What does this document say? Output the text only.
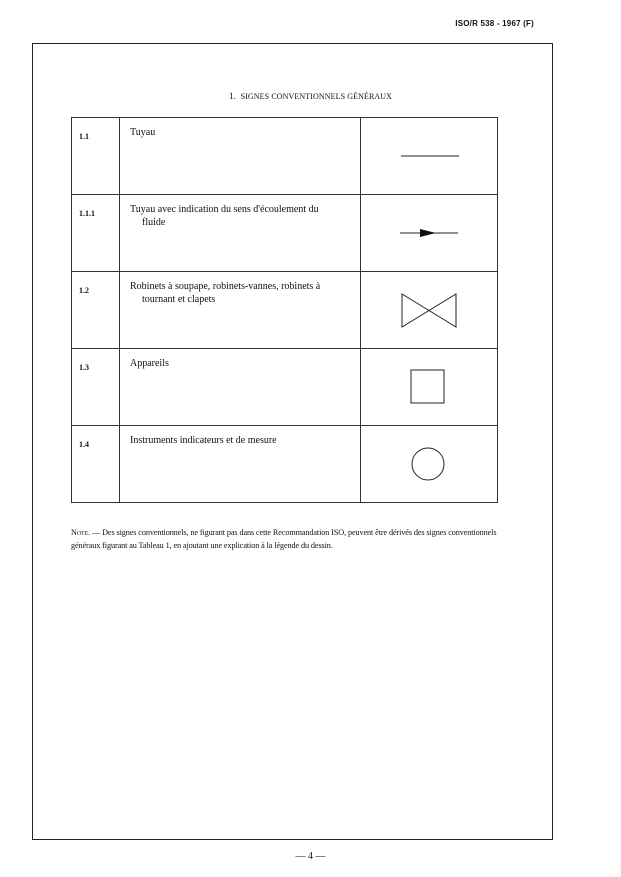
ISO/R 538 - 1967 (F)
1. SIGNES CONVENTIONNELS GÉNÉRAUX
1.1	Tuyau	

1.1.1	Tuyau avec indication du sens d'écoulement du
fluide

1.2	Robinets à soupape, robinets-vannes, robinets à
tournant et clapets

1.3	Appareils	

1.4	Instruments indicateurs et de mesure	
Note. — Des signes conventionnels, ne figurant pas dans cette Recommandation ISO, peuvent être dérivés des signes conventionnels généraux figurant au Tableau 1, en ajoutant une explication à la légende du dessin.
— 4 —
